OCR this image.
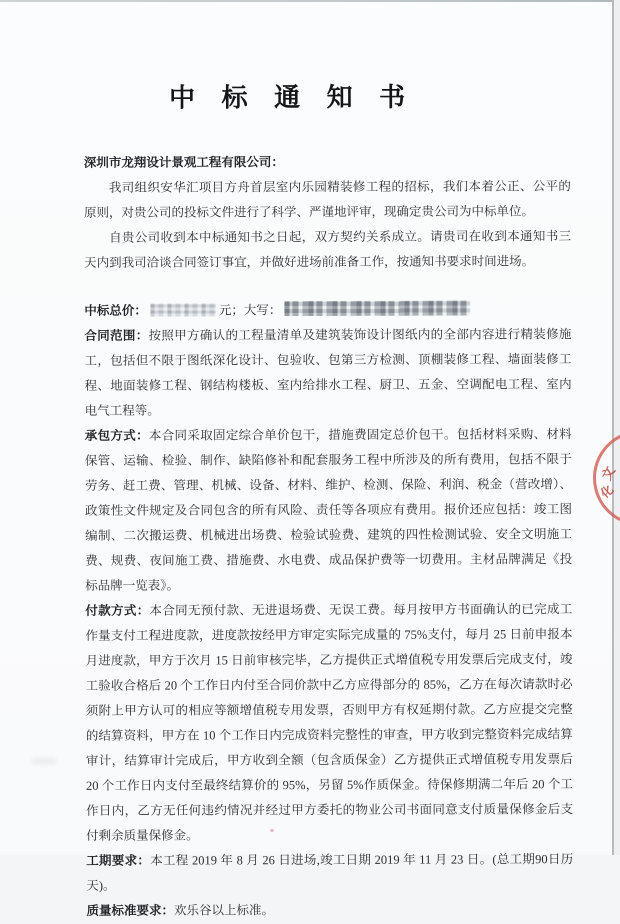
中 标 通 知 书

深圳市龙翔设计景观工程有限公司：

我司组织安华汇项目方舟首层室内乐园精装修工程的招标，我们本着公正、公平的原则，对贵公司的投标文件进行了科学、严谨地评审，现确定贵公司为中标单位。

自贵公司收到本中标通知书之日起，双方契约关系成立。请贵司在收到本通知书三天内到我司洽谈合同签订事宜，并做好进场前准备工作，按通知书要求时间进场。

中标总价：	元；大写：

合同范围：按照甲方确认的工程量清单及建筑装饰设计图纸内的全部内容进行精装修施工，包括但不限于图纸深化设计、包验收、包第三方检测、顶棚装修工程、墙面装修工程、地面装修工程、钢结构楼板、室内给排水工程、厨卫、五金、空调配电工程、室内电气工程等。

承包方式：本合同采取固定综合单价包干，措施费固定总价包干。包括材料采购、材料保管、运输、检验、制作、缺陷修补和配套服务工程中所涉及的所有费用，包括不限于劳务、赶工费、管理、机械、设备、材料、维护、检测、保险、利润、税金（营改增）、政策性文件规定及合同包含的所有风险、责任等各项应有费用。报价还应包括：竣工图编制、二次搬运费、机械进出场费、检验试验费、建筑的四性检测试验、安全文明施工费、规费、夜间施工费、措施费、水电费、成品保护费等一切费用。主材品牌满足《投标品牌一览表》。

付款方式：本合同无预付款、无进退场费、无误工费。每月按甲方书面确认的已完成工作量支付工程进度款，进度款按经甲方审定实际完成量的 75%支付，每月 25 日前申报本月进度款，甲方于次月 15 日前审核完毕，乙方提供正式增值税专用发票后完成支付，竣工验收合格后 20 个工作日内付至合同价款中乙方应得部分的 85%，乙方在每次请款时必须附上甲方认可的相应等额增值税专用发票，否则甲方有权延期付款。乙方应提交完整的结算资料，甲方在 10 个工作日内完成资料完整性的审查，甲方收到完整资料完成结算审计，结算审计完成后，甲方收到全额（包含质保金）乙方提供正式增值税专用发票后 20 个工作日内支付至最终结算价的 95%，另留 5%作质保金。待保修期满二年后 20 个工作日内，乙方无任何违约情况并经过甲方委托的物业公司书面同意支付质量保修金后支付剩余质量保修金。

工期要求：本工程 2019 年 8 月 26 日进场,竣工日期 2019 年 11 月 23 日。(总工期90日历天)。

质量标准要求：欢乐谷以上标准。

文
化
